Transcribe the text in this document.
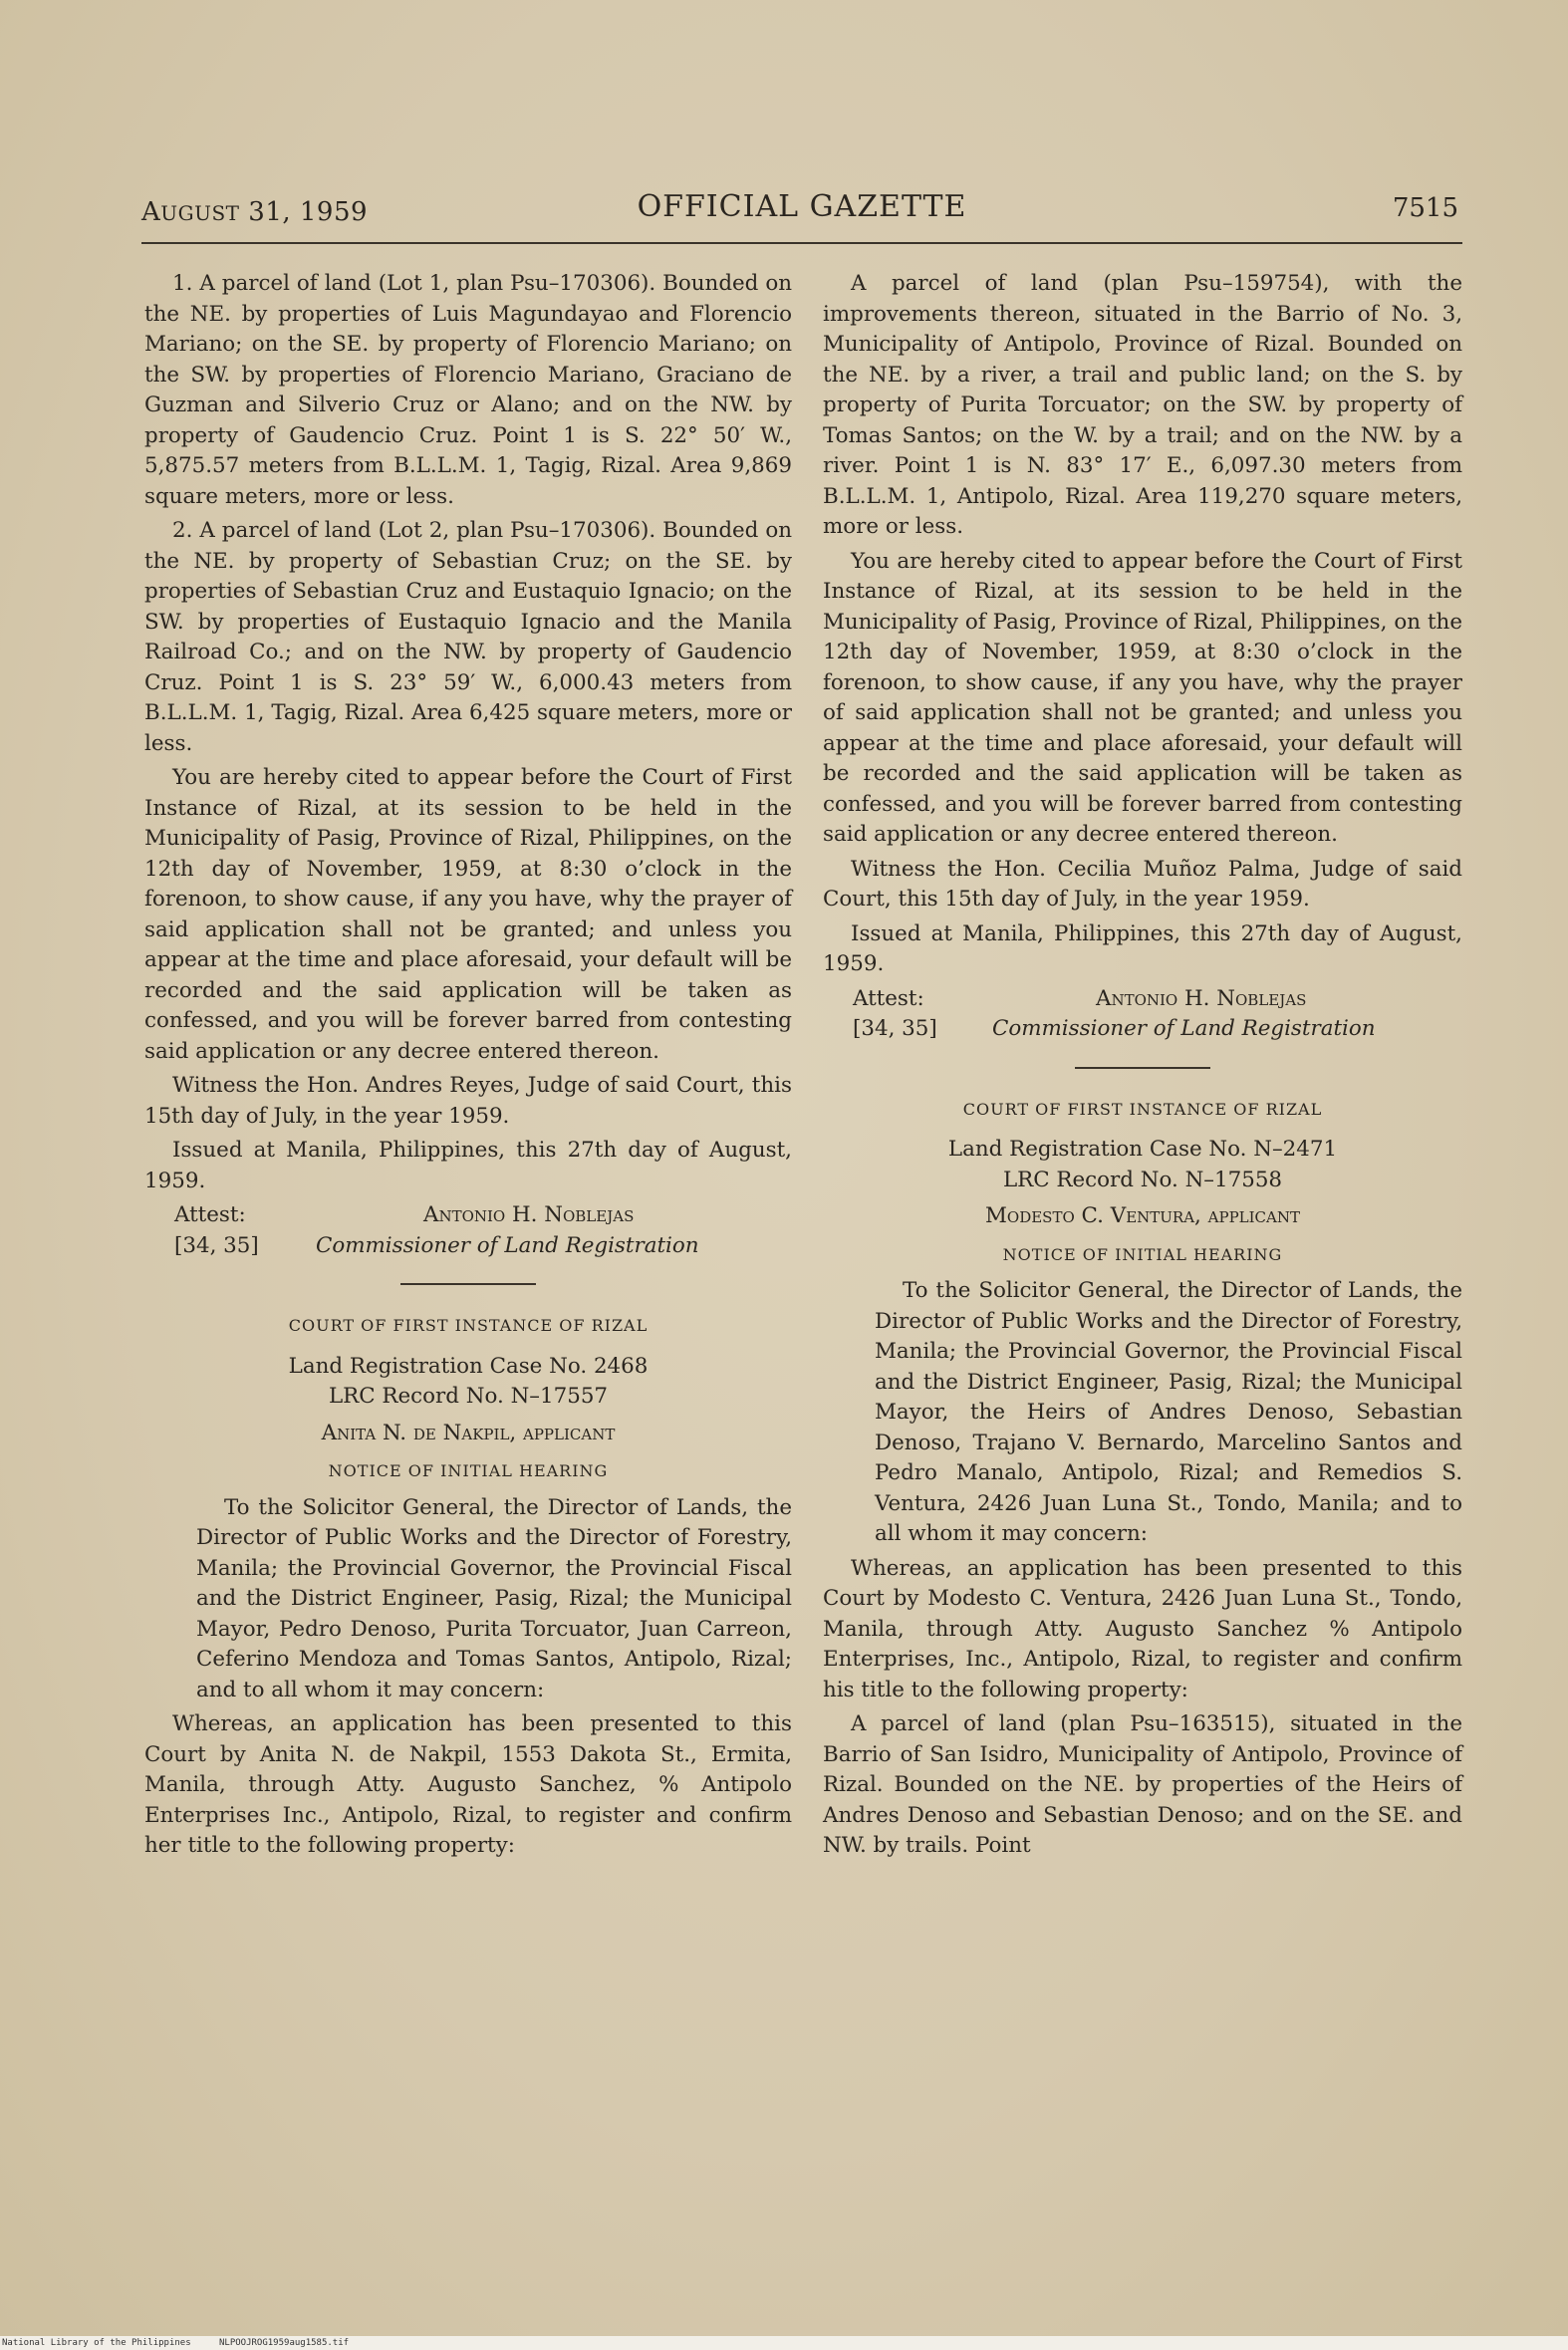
AUGUST 31, 1959	OFFICIAL GAZETTE	7515

1. A parcel of land (Lot 1, plan Psu–170306). Bounded on the NE. by properties of Luis Magundayao and Florencio Mariano; on the SE. by property of Florencio Mariano; on the SW. by properties of Florencio Mariano, Graciano de Guzman and Silverio Cruz or Alano; and on the NW. by property of Gaudencio Cruz. Point 1 is S. 22° 50′ W., 5,875.57 meters from B.L.L.M. 1, Tagig, Rizal. Area 9,869 square meters, more or less.

2. A parcel of land (Lot 2, plan Psu–170306). Bounded on the NE. by property of Sebastian Cruz; on the SE. by properties of Sebastian Cruz and Eustaquio Ignacio; on the SW. by properties of Eustaquio Ignacio and the Manila Railroad Co.; and on the NW. by property of Gaudencio Cruz. Point 1 is S. 23° 59′ W., 6,000.43 meters from B.L.L.M. 1, Tagig, Rizal. Area 6,425 square meters, more or less.

You are hereby cited to appear before the Court of First Instance of Rizal, at its session to be held in the Municipality of Pasig, Province of Rizal, Philippines, on the 12th day of November, 1959, at 8:30 o’clock in the forenoon, to show cause, if any you have, why the prayer of said application shall not be granted; and unless you appear at the time and place aforesaid, your default will be recorded and the said application will be taken as confessed, and you will be forever barred from contesting said application or any decree entered thereon.

Witness the Hon. Andres Reyes, Judge of said Court, this 15th day of July, in the year 1959.

Issued at Manila, Philippines, this 27th day of August, 1959.

Attest:	Antonio H. Noblejas
[34, 35]	Commissioner of Land Registration
COURT OF FIRST INSTANCE OF RIZAL
Land Registration Case No. 2468
LRC Record No. N–17557
Anita N. de Nakpil, applicant
NOTICE OF INITIAL HEARING

To the Solicitor General, the Director of Lands, the Director of Public Works and the Director of Forestry, Manila; the Provincial Governor, the Provincial Fiscal and the District Engineer, Pasig, Rizal; the Municipal Mayor, Pedro Denoso, Purita Torcuator, Juan Carreon, Ceferino Mendoza and Tomas Santos, Antipolo, Rizal; and to all whom it may concern:

Whereas, an application has been presented to this Court by Anita N. de Nakpil, 1553 Dakota St., Ermita, Manila, through Atty. Augusto Sanchez, % Antipolo Enterprises Inc., Antipolo, Rizal, to register and confirm her title to the following property:

A parcel of land (plan Psu–159754), with the improvements thereon, situated in the Barrio of No. 3, Municipality of Antipolo, Province of Rizal. Bounded on the NE. by a river, a trail and public land; on the S. by property of Purita Torcuator; on the SW. by property of Tomas Santos; on the W. by a trail; and on the NW. by a river. Point 1 is N. 83° 17′ E., 6,097.30 meters from B.L.L.M. 1, Antipolo, Rizal. Area 119,270 square meters, more or less.

You are hereby cited to appear before the Court of First Instance of Rizal, at its session to be held in the Municipality of Pasig, Province of Rizal, Philippines, on the 12th day of November, 1959, at 8:30 o’clock in the forenoon, to show cause, if any you have, why the prayer of said application shall not be granted; and unless you appear at the time and place aforesaid, your default will be recorded and the said application will be taken as confessed, and you will be forever barred from contesting said application or any decree entered thereon.

Witness the Hon. Cecilia Muñoz Palma, Judge of said Court, this 15th day of July, in the year 1959.

Issued at Manila, Philippines, this 27th day of August, 1959.

Attest:	Antonio H. Noblejas
[34, 35]	Commissioner of Land Registration
COURT OF FIRST INSTANCE OF RIZAL
Land Registration Case No. N–2471
LRC Record No. N–17558
Modesto C. Ventura, applicant
NOTICE OF INITIAL HEARING

To the Solicitor General, the Director of Lands, the Director of Public Works and the Director of Forestry, Manila; the Provincial Governor, the Provincial Fiscal and the District Engineer, Pasig, Rizal; the Municipal Mayor, the Heirs of Andres Denoso, Sebastian Denoso, Trajano V. Bernardo, Marcelino Santos and Pedro Manalo, Antipolo, Rizal; and Remedios S. Ventura, 2426 Juan Luna St., Tondo, Manila; and to all whom it may concern:

Whereas, an application has been presented to this Court by Modesto C. Ventura, 2426 Juan Luna St., Tondo, Manila, through Atty. Augusto Sanchez % Antipolo Enterprises, Inc., Antipolo, Rizal, to register and confirm his title to the following property:

A parcel of land (plan Psu–163515), situated in the Barrio of San Isidro, Municipality of Antipolo, Province of Rizal. Bounded on the NE. by properties of the Heirs of Andres Denoso and Sebastian Denoso; and on the SE. and NW. by trails. Point

National Library of the Philippines	NLPOOJROG1959aug1585.tif
